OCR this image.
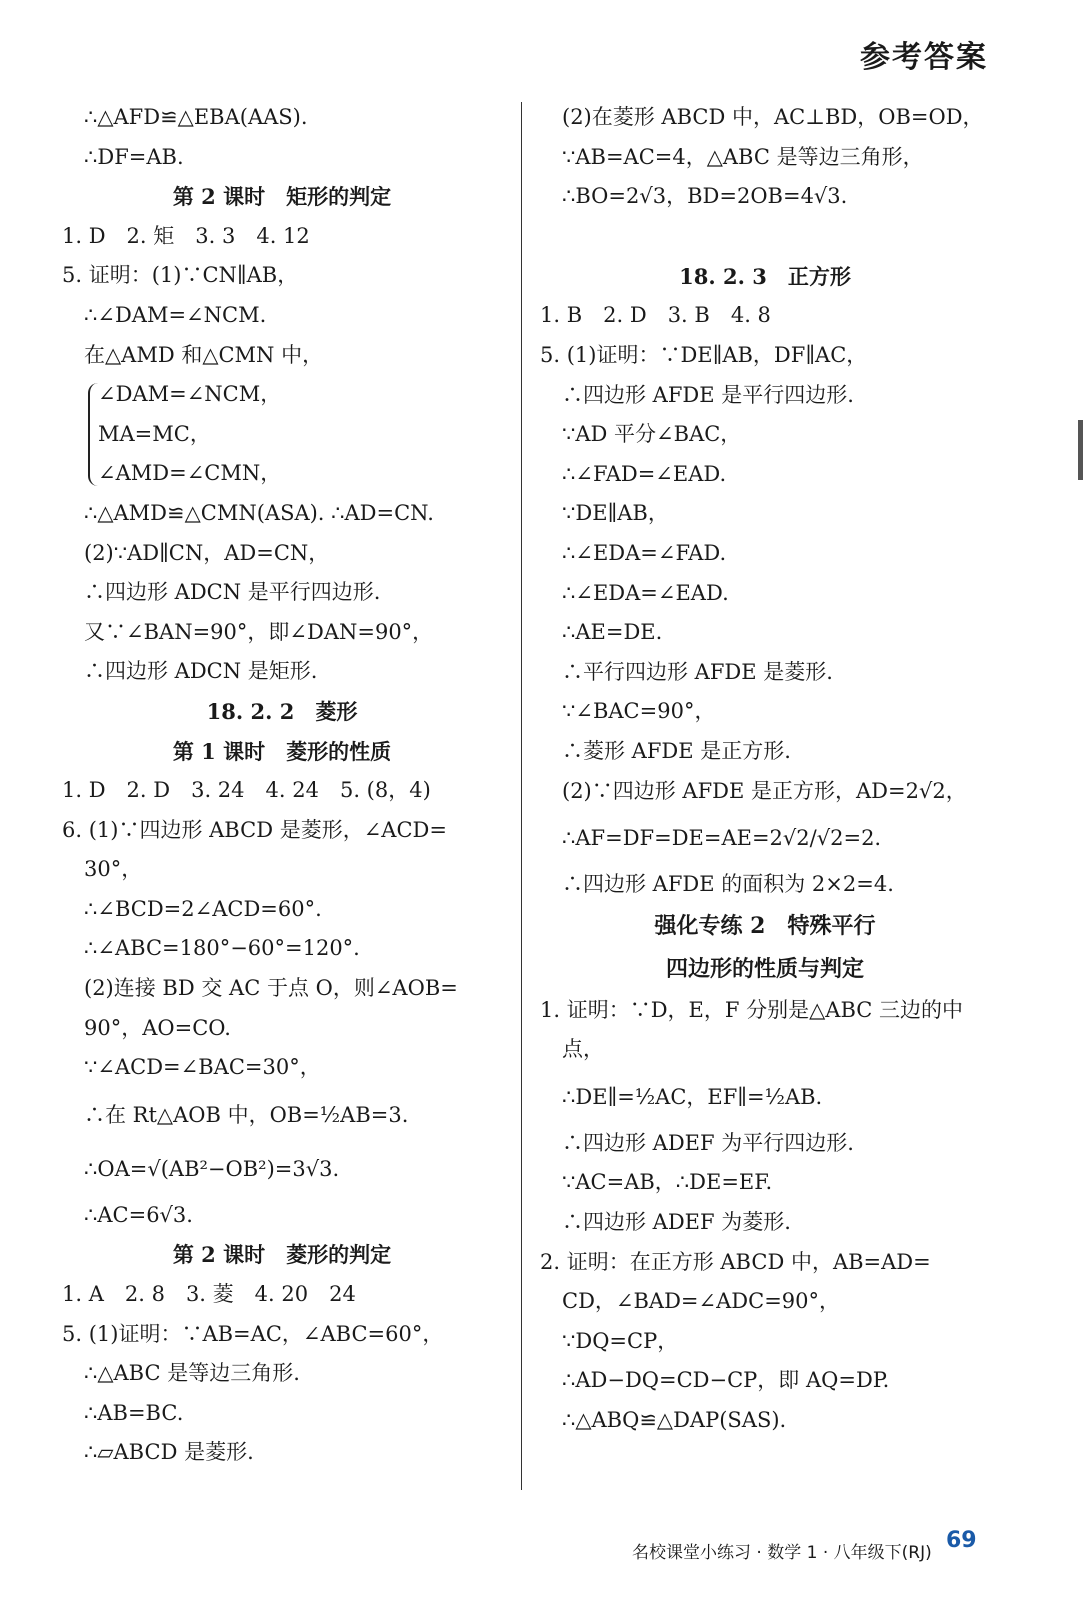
参考答案
∴△AFD≌△EBA(AAS).
∴DF=AB.
第 2 课时　矩形的判定
1. D　2. 矩　3. 3　4. 12
5. 证明：(1)∵CN∥AB，
∴∠DAM=∠NCM.
在△AMD 和△CMN 中，
∠DAM=∠NCM，
MA=MC，
∠AMD=∠CMN，
∴△AMD≌△CMN(ASA). ∴AD=CN.
(2)∵AD∥CN，AD=CN，
∴四边形 ADCN 是平行四边形.
又∵∠BAN=90°，即∠DAN=90°，
∴四边形 ADCN 是矩形.
18. 2. 2　菱形
第 1 课时　菱形的性质
1. D　2. D　3. 24　4. 24　5. (8，4)
6. (1)∵四边形 ABCD 是菱形，∠ACD=
30°，
∴∠BCD=2∠ACD=60°.
∴∠ABC=180°−60°=120°.
(2)连接 BD 交 AC 于点 O，则∠AOB=
90°，AO=CO.
∵∠ACD=∠BAC=30°，
∴在 Rt△AOB 中，OB=½AB=3.
∴OA=√(AB²−OB²)=3√3.
∴AC=6√3.
第 2 课时　菱形的判定
1. A　2. 8　3. 菱　4. 20　24
5. (1)证明：∵AB=AC，∠ABC=60°，
∴△ABC 是等边三角形.
∴AB=BC.
∴▱ABCD 是菱形.
(2)在菱形 ABCD 中，AC⊥BD，OB=OD，
∵AB=AC=4，△ABC 是等边三角形，
∴BO=2√3，BD=2OB=4√3.
18. 2. 3　正方形
1. B　2. D　3. B　4. 8
5. (1)证明：∵DE∥AB，DF∥AC，
∴四边形 AFDE 是平行四边形.
∵AD 平分∠BAC，
∴∠FAD=∠EAD.
∵DE∥AB，
∴∠EDA=∠FAD.
∴∠EDA=∠EAD.
∴AE=DE.
∴平行四边形 AFDE 是菱形.
∵∠BAC=90°，
∴菱形 AFDE 是正方形.
(2)∵四边形 AFDE 是正方形，AD=2√2，
∴AF=DF=DE=AE=2√2/√2=2.
∴四边形 AFDE 的面积为 2×2=4.
强化专练 2　特殊平行
四边形的性质与判定
1. 证明：∵D，E，F 分别是△ABC 三边的中
点，
∴DE∥=½AC，EF∥=½AB.
∴四边形 ADEF 为平行四边形.
∵AC=AB，∴DE=EF.
∴四边形 ADEF 为菱形.
2. 证明：在正方形 ABCD 中，AB=AD=
CD，∠BAD=∠ADC=90°，
∵DQ=CP，
∴AD−DQ=CD−CP，即 AQ=DP.
∴△ABQ≌△DAP(SAS).
名校课堂小练习 · 数学 1 · 八年级下(RJ) 69
